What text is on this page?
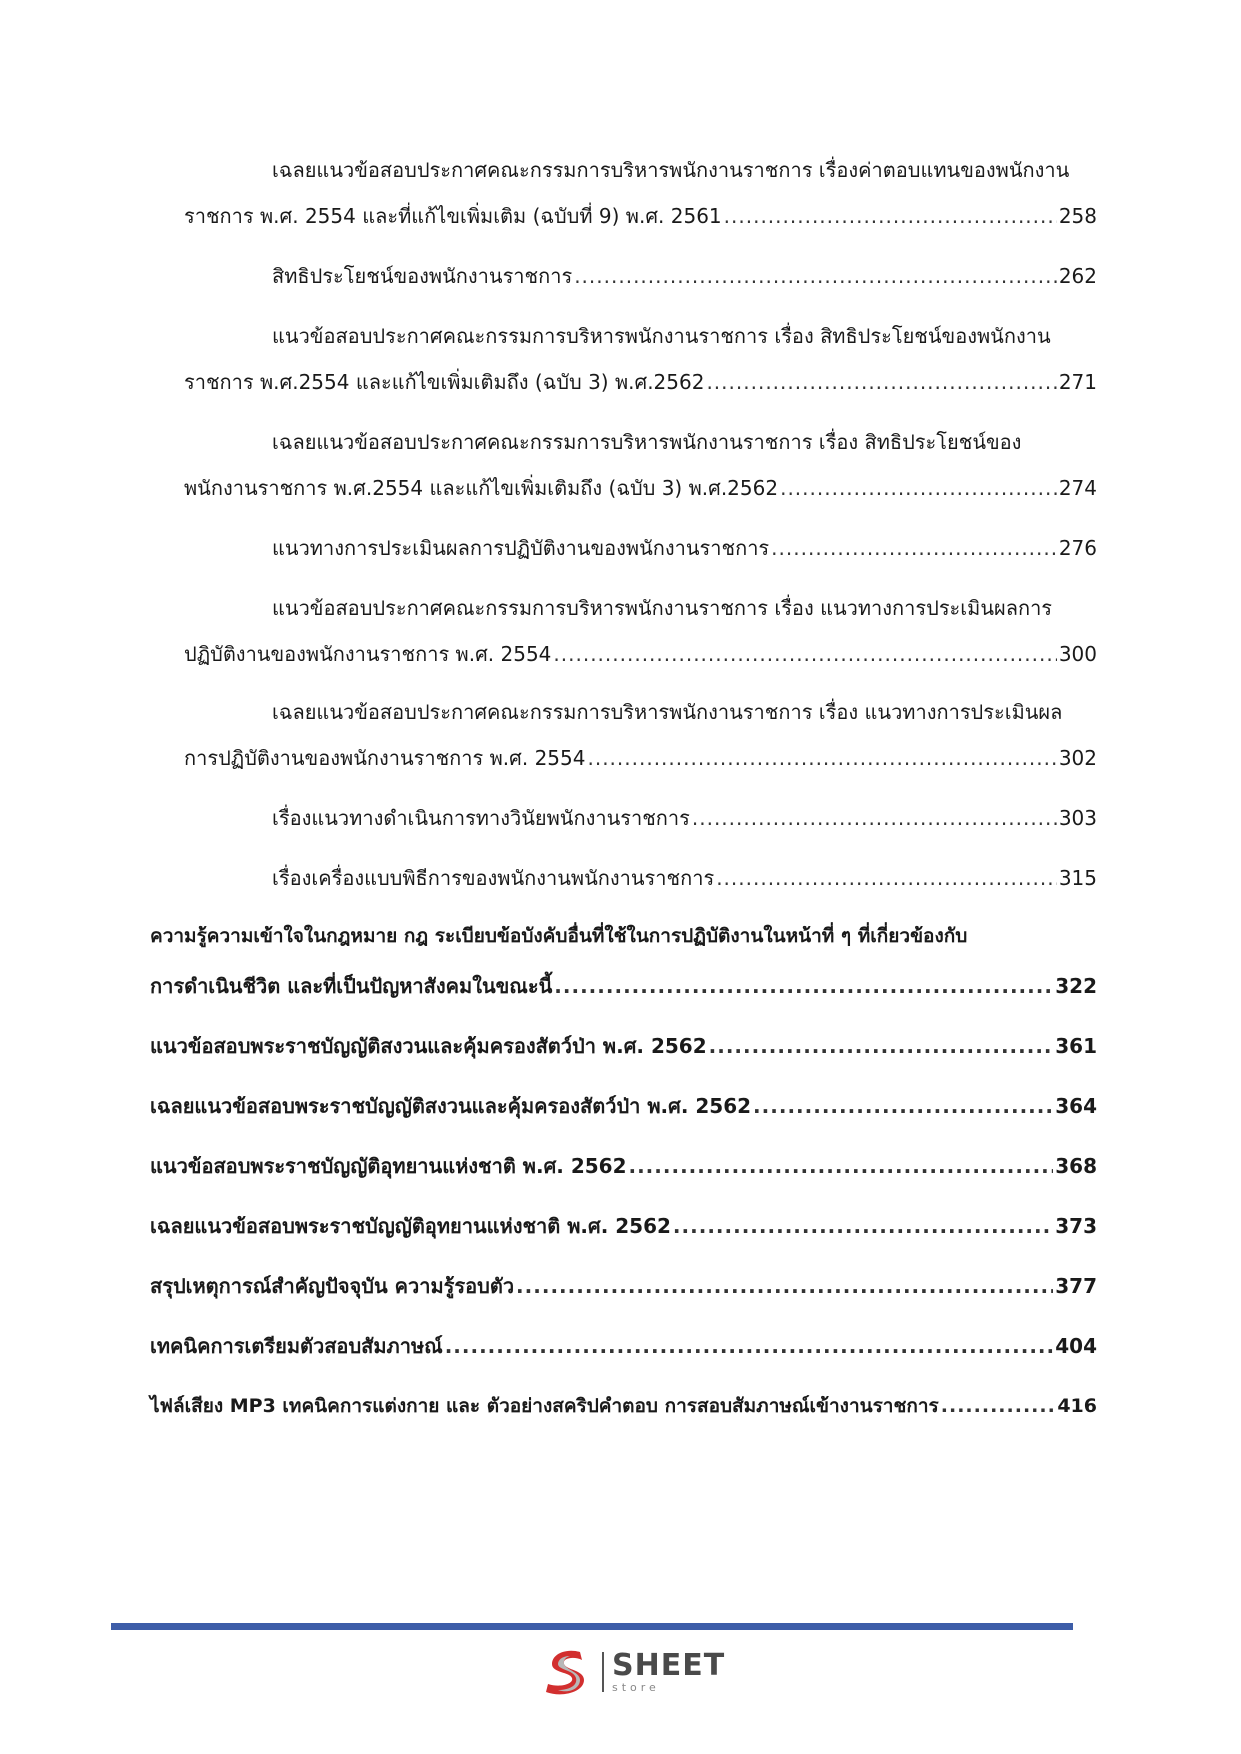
เฉลยแนวข้อสอบประกาศคณะกรรมการบริหารพนักงานราชการ เรื่องค่าตอบแทนของพนักงาน
ราชการ พ.ศ. 2554 และที่แก้ไขเพิ่มเติม (ฉบับที่ 9) พ.ศ. 2561 .....	258
สิทธิประโยชน์ของพนักงานราชการ .....	262
แนวข้อสอบประกาศคณะกรรมการบริหารพนักงานราชการ เรื่อง สิทธิประโยชน์ของพนักงาน
ราชการ พ.ศ.2554 และแก้ไขเพิ่มเติมถึง (ฉบับ 3) พ.ศ.2562 .....	271
เฉลยแนวข้อสอบประกาศคณะกรรมการบริหารพนักงานราชการ เรื่อง สิทธิประโยชน์ของ
พนักงานราชการ พ.ศ.2554 และแก้ไขเพิ่มเติมถึง (ฉบับ 3) พ.ศ.2562 .....	274
แนวทางการประเมินผลการปฏิบัติงานของพนักงานราชการ .....	276
แนวข้อสอบประกาศคณะกรรมการบริหารพนักงานราชการ เรื่อง แนวทางการประเมินผลการ
ปฏิบัติงานของพนักงานราชการ พ.ศ. 2554 .....	300
เฉลยแนวข้อสอบประกาศคณะกรรมการบริหารพนักงานราชการ เรื่อง แนวทางการประเมินผล
การปฏิบัติงานของพนักงานราชการ พ.ศ. 2554 .....	302
เรื่องแนวทางดำเนินการทางวินัยพนักงานราชการ .....	303
เรื่องเครื่องแบบพิธีการของพนักงานพนักงานราชการ .....	315
ความรู้ความเข้าใจในกฎหมาย กฎ ระเบียบข้อบังคับอื่นที่ใช้ในการปฏิบัติงานในหน้าที่ ๆ ที่เกี่ยวข้องกับ
การดำเนินชีวิต และที่เป็นปัญหาสังคมในขณะนี้ .....	322
แนวข้อสอบพระราชบัญญัติสงวนและคุ้มครองสัตว์ป่า พ.ศ. 2562 .....	361
เฉลยแนวข้อสอบพระราชบัญญัติสงวนและคุ้มครองสัตว์ป่า พ.ศ. 2562 .....	364
แนวข้อสอบพระราชบัญญัติอุทยานแห่งชาติ พ.ศ. 2562 .....	368
เฉลยแนวข้อสอบพระราชบัญญัติอุทยานแห่งชาติ พ.ศ. 2562 .....	373
สรุปเหตุการณ์สำคัญปัจจุบัน ความรู้รอบตัว .....	377
เทคนิคการเตรียมตัวสอบสัมภาษณ์ .....	404
ไฟล์เสียง MP3 เทคนิคการแต่งกาย และ ตัวอย่างสคริปคำตอบ การสอบสัมภาษณ์เข้างานราชการ .....	416
SHEET
store
